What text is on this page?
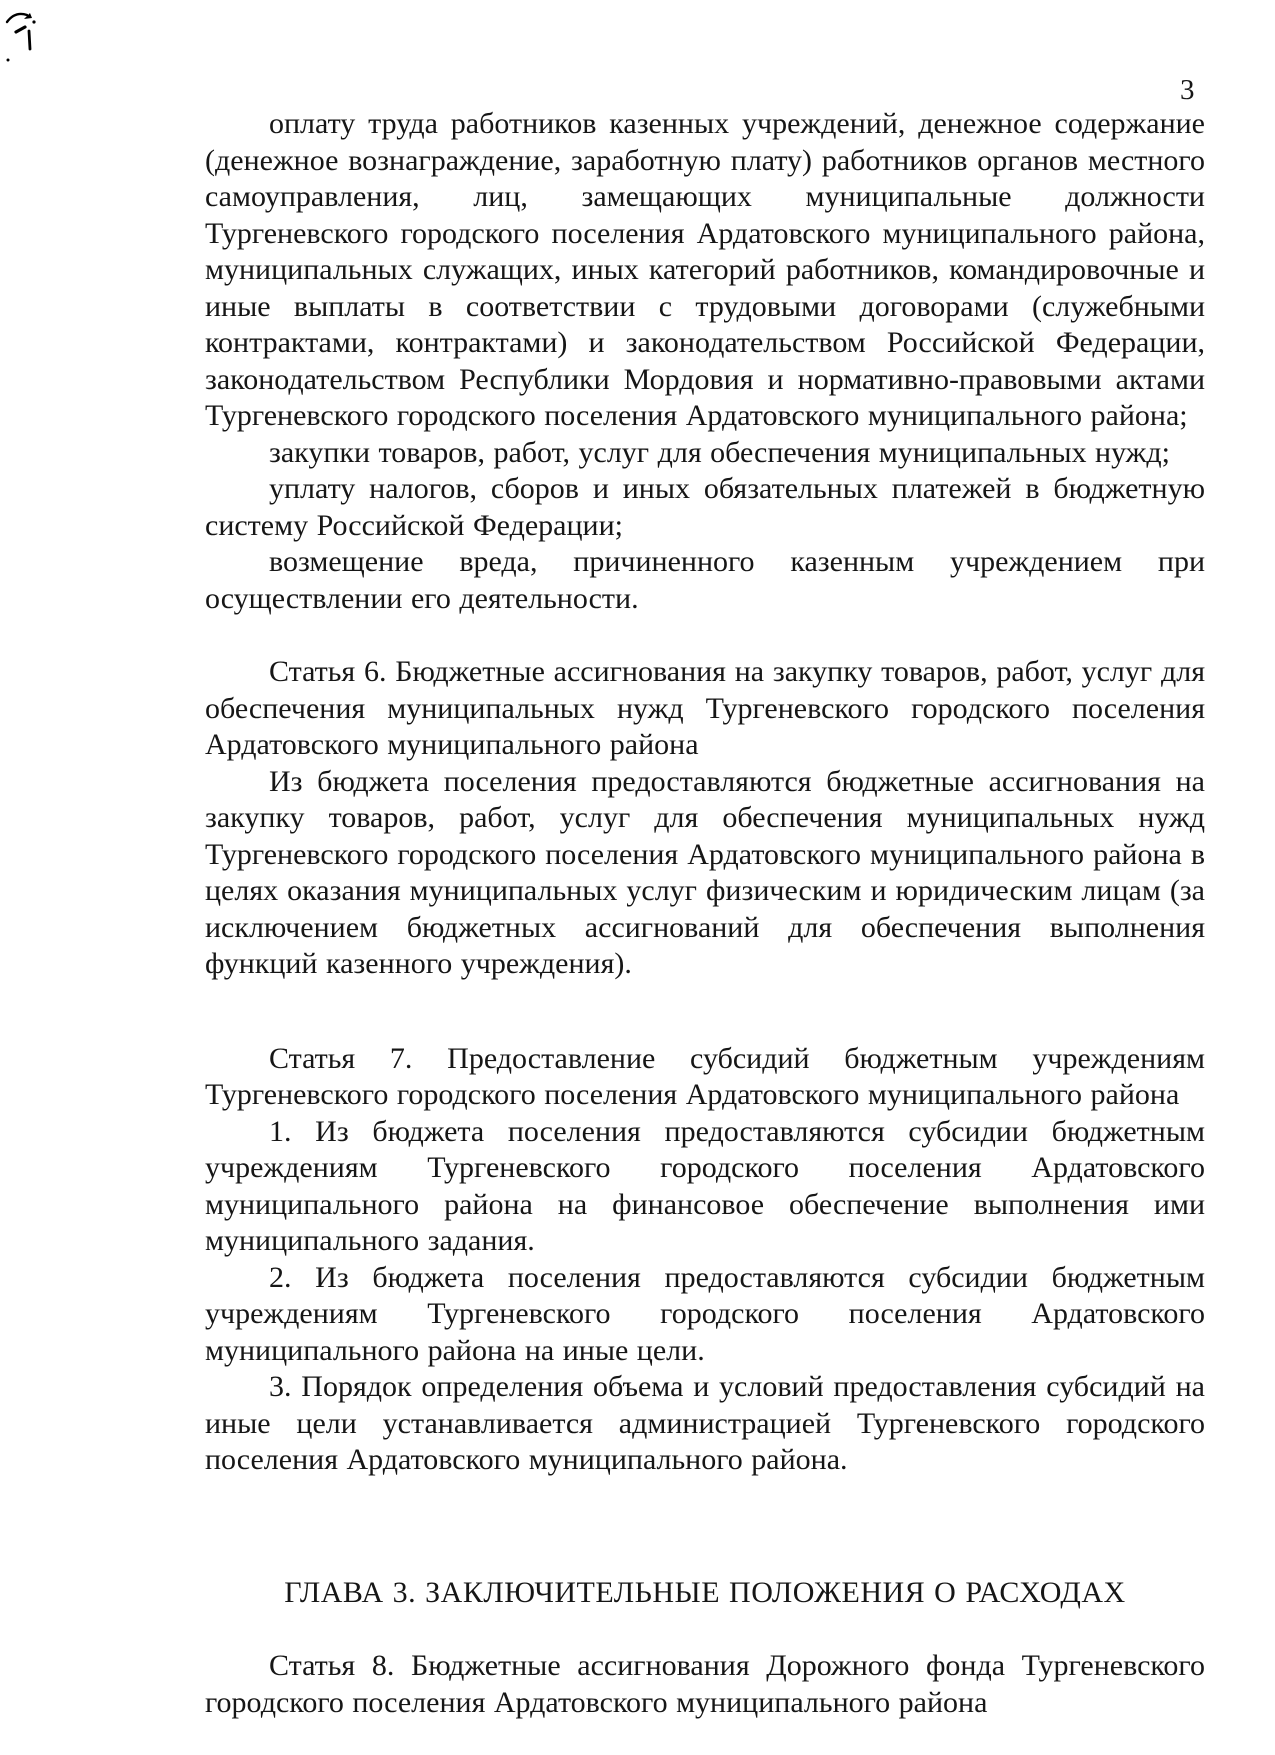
3

оплату труда работников казенных учреждений, денежное содержание (денежное вознаграждение, заработную плату) работников органов местного самоуправления, лиц, замещающих муниципальные должности Тургеневского городского поселения Ардатовского муниципального района, муниципальных служащих, иных категорий работников, командировочные и иные выплаты в соответствии с трудовыми договорами (служебными контрактами, контрактами) и законодательством Российской Федерации, законодательством Республики Мордовия и нормативно-правовыми актами Тургеневского городского поселения Ардатовского муниципального района;

закупки товаров, работ, услуг для обеспечения муниципальных нужд;

уплату налогов, сборов и иных обязательных платежей в бюджетную систему Российской Федерации;

возмещение вреда, причиненного казенным учреждением при осуществлении его деятельности.

Статья 6. Бюджетные ассигнования на закупку товаров, работ, услуг для обеспечения муниципальных нужд Тургеневского городского поселения Ардатовского муниципального района

Из бюджета поселения предоставляются бюджетные ассигнования на закупку товаров, работ, услуг для обеспечения муниципальных нужд Тургеневского городского поселения Ардатовского муниципального района в целях оказания муниципальных услуг физическим и юридическим лицам (за исключением бюджетных ассигнований для обеспечения выполнения функций казенного учреждения).

Статья 7. Предоставление субсидий бюджетным учреждениям Тургеневского городского поселения Ардатовского муниципального района

1. Из бюджета поселения предоставляются субсидии бюджетным учреждениям Тургеневского городского поселения Ардатовского муниципального района на финансовое обеспечение выполнения ими муниципального задания.

2. Из бюджета поселения предоставляются субсидии бюджетным учреждениям Тургеневского городского поселения Ардатовского муниципального района на иные цели.

3. Порядок определения объема и условий предоставления субсидий на иные цели устанавливается администрацией Тургеневского городского поселения Ардатовского муниципального района.

ГЛАВА 3. ЗАКЛЮЧИТЕЛЬНЫЕ ПОЛОЖЕНИЯ О РАСХОДАХ

Статья 8. Бюджетные ассигнования Дорожного фонда Тургеневского городского поселения Ардатовского муниципального района
